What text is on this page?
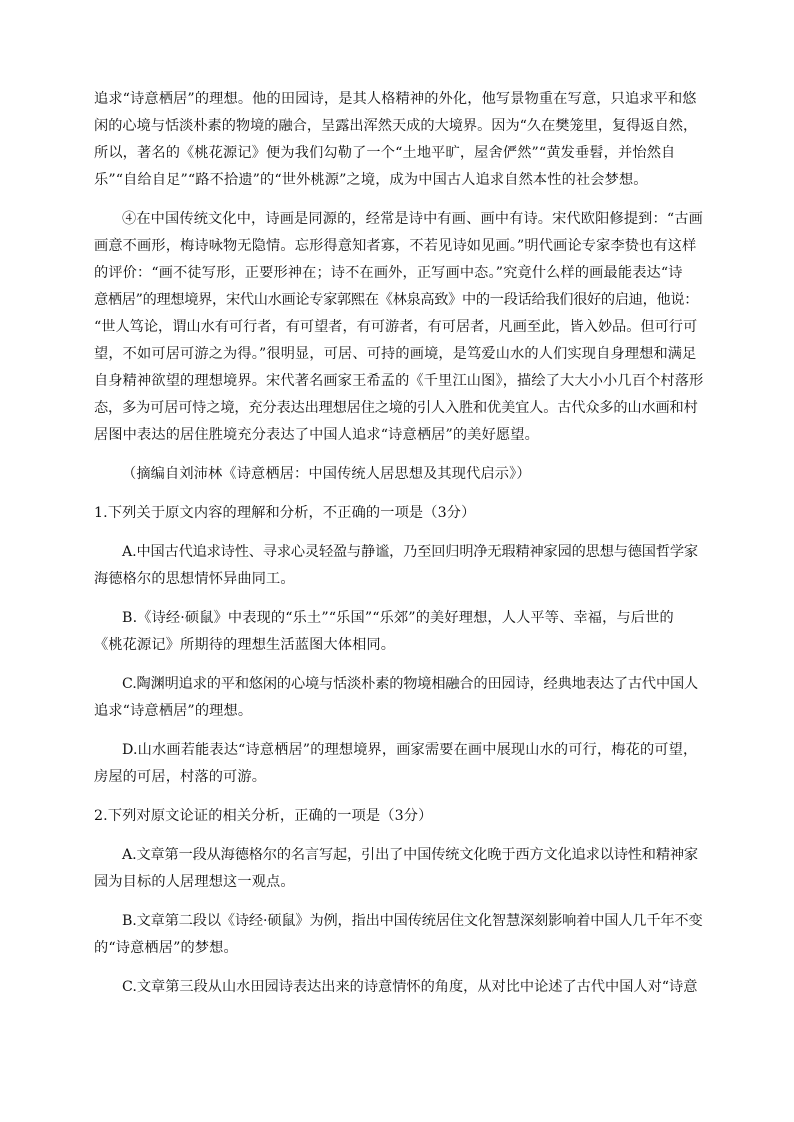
追求“诗意栖居”的理想。他的田园诗，是其人格精神的外化，他写景物重在写意，只追求平和悠
闲的心境与恬淡朴素的物境的融合，呈露出浑然天成的大境界。因为“久在樊笼里，复得返自然，
所以，著名的《桃花源记》便为我们勾勒了一个“土地平旷，屋舍俨然”“黄发垂髫，并怡然自
乐”“自给自足”“路不拾遗”的“世外桃源”之境，成为中国古人追求自然本性的社会梦想。
④在中国传统文化中，诗画是同源的，经常是诗中有画、画中有诗。宋代欧阳修提到：“古画
画意不画形，梅诗咏物无隐情。忘形得意知者寡，不若见诗如见画。”明代画论专家李贽也有这样
的评价：“画不徒写形，正要形神在；诗不在画外，正写画中态。”究竟什么样的画最能表达“诗
意栖居”的理想境界，宋代山水画论专家郭熙在《林泉高致》中的一段话给我们很好的启迪，他说：
“世人笃论，谓山水有可行者，有可望者，有可游者，有可居者，凡画至此，皆入妙品。但可行可
望，不如可居可游之为得。”很明显，可居、可持的画境，是笃爱山水的人们实现自身理想和满足
自身精神欲望的理想境界。宋代著名画家王希孟的《千里江山图》，描绘了大大小小几百个村落形
态，多为可居可恃之境，充分表达出理想居住之境的引人入胜和优美宜人。古代众多的山水画和村
居图中表达的居住胜境充分表达了中国人追求“诗意栖居”的美好愿望。
（摘编自刘沛林《诗意栖居：中国传统人居思想及其现代启示》）
1.下列关于原文内容的理解和分析，不正确的一项是（3分）
A.中国古代追求诗性、寻求心灵轻盈与静谧，乃至回归明净无瑕精神家园的思想与德国哲学家
海德格尔的思想情怀异曲同工。
B.《诗经·硕鼠》中表现的“乐土”“乐国”“乐郊”的美好理想，人人平等、幸福，与后世的
《桃花源记》所期待的理想生活蓝图大体相同。
C.陶渊明追求的平和悠闲的心境与恬淡朴素的物境相融合的田园诗，经典地表达了古代中国人
追求“诗意栖居”的理想。
D.山水画若能表达“诗意栖居”的理想境界，画家需要在画中展现山水的可行，梅花的可望，
房屋的可居，村落的可游。
2.下列对原文论证的相关分析，正确的一项是（3分）
A.文章第一段从海德格尔的名言写起，引出了中国传统文化晚于西方文化追求以诗性和精神家
园为目标的人居理想这一观点。
B.文章第二段以《诗经·硕鼠》为例，指出中国传统居住文化智慧深刻影响着中国人几千年不变
的“诗意栖居”的梦想。
C.文章第三段从山水田园诗表达出来的诗意情怀的角度，从对比中论述了古代中国人对“诗意
